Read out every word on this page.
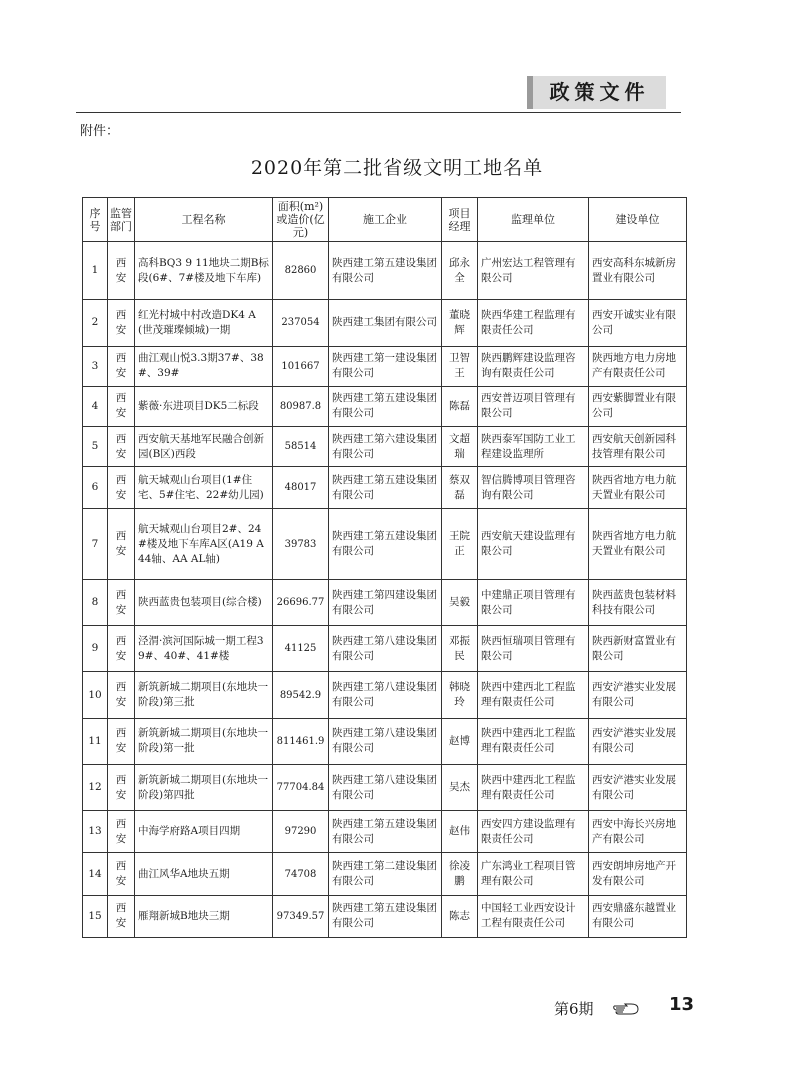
政策文件
附件：
2020年第二批省级文明工地名单
序号	监管部门	工程名称	面积(m²)或造价(亿元)	施工企业	项目经理	监理单位	建设单位
1	西安	高科BQ3 9 11地块二期B标段(6#、7#楼及地下车库)	82860	陕西建工第五建设集团有限公司	邱永全	广州宏达工程管理有限公司	西安高科东城新房置业有限公司
2	西安	红光村城中村改造DK4 A(世茂璀璨倾城)一期	237054	陕西建工集团有限公司	董晓辉	陕西华建工程监理有限责任公司	西安开诚实业有限公司
3	西安	曲江观山悦3.3期37#、38#、39#	101667	陕西建工第一建设集团有限公司	卫智王	陕西鹏辉建设监理咨询有限责任公司	陕西地方电力房地产有限责任公司
4	西安	紫薇·东进项目DK5二标段	80987.8	陕西建工第五建设集团有限公司	陈磊	西安普迈项目管理有限公司	西安紫脚置业有限公司
5	西安	西安航天基地军民融合创新园(B区)西段	58514	陕西建工第六建设集团有限公司	文超瑞	陕西泰军国防工业工程建设监理所	西安航天创新园科技管理有限公司
6	西安	航天城观山台项目(1#住宅、5#住宅、22#幼儿园)	48017	陕西建工第五建设集团有限公司	蔡双磊	智信腾博项目管理咨询有限公司	陕西省地方电力航天置业有限公司
7	西安	航天城观山台项目2#、24#楼及地下车库A区(A19 A44轴、AA AL轴)	39783	陕西建工第五建设集团有限公司	王院正	西安航天建设监理有限公司	陕西省地方电力航天置业有限公司
8	西安	陕西蓝贵包装项目(综合楼)	26696.77	陕西建工第四建设集团有限公司	吴毅	中建鼎正项目管理有限公司	陕西蓝贵包装材料科技有限公司
9	西安	泾渭·滨河国际城一期工程39#、40#、41#楼	41125	陕西建工第八建设集团有限公司	邓振民	陕西恒瑞项目管理有限公司	陕西新财富置业有限公司
10	西安	新筑新城二期项目(东地块一阶段)第三批	89542.9	陕西建工第八建设集团有限公司	韩晓玲	陕西中建西北工程监理有限责任公司	西安浐港实业发展有限公司
11	西安	新筑新城二期项目(东地块一阶段)第一批	811461.9	陕西建工第八建设集团有限公司	赵博	陕西中建西北工程监理有限责任公司	西安浐港实业发展有限公司
12	西安	新筑新城二期项目(东地块一阶段)第四批	77704.84	陕西建工第八建设集团有限公司	吴杰	陕西中建西北工程监理有限责任公司	西安浐港实业发展有限公司
13	西安	中海学府路A项目四期	97290	陕西建工第五建设集团有限公司	赵伟	西安四方建设监理有限责任公司	西安中海长兴房地产有限公司
14	西安	曲江风华A地块五期	74708	陕西建工第二建设集团有限公司	徐凌鹏	广东鸿业工程项目管理有限公司	西安朗坤房地产开发有限公司
15	西安	雁翔新城B地块三期	97349.57	陕西建工第五建设集团有限公司	陈志	中国轻工业西安设计工程有限责任公司	西安鼎盛东越置业有限公司
第6期	13
